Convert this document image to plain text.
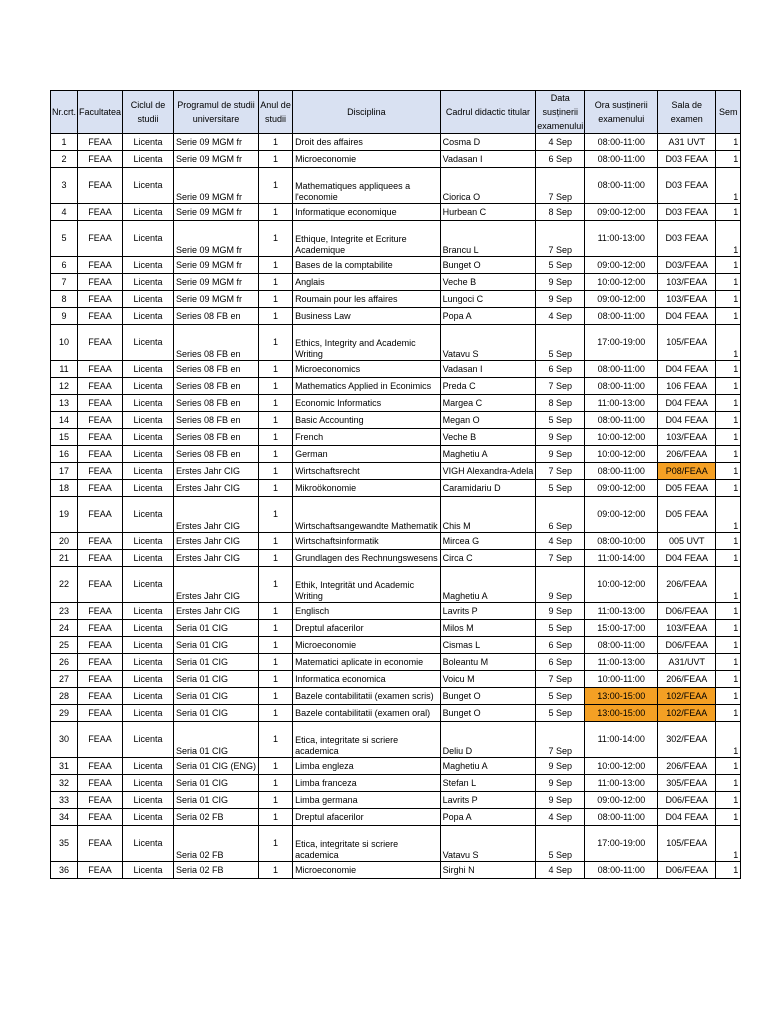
Nr.crt.	Facultatea	Ciclul de studii	Programul de studii universitare	Anul de studii	Disciplina	Cadrul didactic titular	Data susținerii examenului	Ora susținerii examenului	Sala de examen	Sem
1	FEAA	Licenta	Serie 09 MGM fr	1	Droit des affaires	Cosma D	4 Sep	08:00-11:00	A31 UVT	1
2	FEAA	Licenta	Serie 09 MGM fr	1	Microeconomie	Vadasan I	6 Sep	08:00-11:00	D03 FEAA	1
3	FEAA	Licenta	Serie 09 MGM fr	1	Mathematiques appliquees a l'economie	Ciorica O	7 Sep	08:00-11:00	D03 FEAA	1
4	FEAA	Licenta	Serie 09 MGM fr	1	Informatique economique	Hurbean C	8 Sep	09:00-12:00	D03 FEAA	1
5	FEAA	Licenta	Serie 09 MGM fr	1	Ethique, Integrite et Ecriture Academique	Brancu L	7 Sep	11:00-13:00	D03 FEAA	1
6	FEAA	Licenta	Serie 09 MGM fr	1	Bases de la comptabilite	Bunget O	5 Sep	09:00-12:00	D03/FEAA	1
7	FEAA	Licenta	Serie 09 MGM fr	1	Anglais	Veche B	9 Sep	10:00-12:00	103/FEAA	1
8	FEAA	Licenta	Serie 09 MGM fr	1	Roumain pour les affaires	Lungoci C	9 Sep	09:00-12:00	103/FEAA	1
9	FEAA	Licenta	Series 08 FB en	1	Business Law	Popa A	4 Sep	08:00-11:00	D04 FEAA	1
10	FEAA	Licenta	Series 08 FB en	1	Ethics, Integrity and Academic Writing	Vatavu S	5 Sep	17:00-19:00	105/FEAA	1
11	FEAA	Licenta	Series 08 FB en	1	Microeconomics	Vadasan I	6 Sep	08:00-11:00	D04 FEAA	1
12	FEAA	Licenta	Series 08 FB en	1	Mathematics Applied in Econimics	Preda C	7 Sep	08:00-11:00	106 FEAA	1
13	FEAA	Licenta	Series 08 FB en	1	Economic Informatics	Margea C	8 Sep	11:00-13:00	D04 FEAA	1
14	FEAA	Licenta	Series 08 FB en	1	Basic Accounting	Megan O	5 Sep	08:00-11:00	D04 FEAA	1
15	FEAA	Licenta	Series 08 FB en	1	French	Veche B	9 Sep	10:00-12:00	103/FEAA	1
16	FEAA	Licenta	Series 08 FB en	1	German	Maghetiu A	9 Sep	10:00-12:00	206/FEAA	1
17	FEAA	Licenta	Erstes Jahr CIG	1	Wirtschaftsrecht	VIGH Alexandra-Adela	7 Sep	08:00-11:00	P08/FEAA	1
18	FEAA	Licenta	Erstes Jahr CIG	1	Mikroökonomie	Caramidariu D	5 Sep	09:00-12:00	D05 FEAA	1
19	FEAA	Licenta	Erstes Jahr CIG	1	Wirtschaftsangewandte Mathematik	Chis M	6 Sep	09:00-12:00	D05 FEAA	1
20	FEAA	Licenta	Erstes Jahr CIG	1	Wirtschaftsinformatik	Mircea G	4 Sep	08:00-10:00	005 UVT	1
21	FEAA	Licenta	Erstes Jahr CIG	1	Grundlagen des Rechnungswesens	Circa C	7 Sep	11:00-14:00	D04 FEAA	1
22	FEAA	Licenta	Erstes Jahr CIG	1	Ethik, Integrität und Academic Writing	Maghetiu A	9 Sep	10:00-12:00	206/FEAA	1
23	FEAA	Licenta	Erstes Jahr CIG	1	Englisch	Lavrits P	9 Sep	11:00-13:00	D06/FEAA	1
24	FEAA	Licenta	Seria 01 CIG	1	Dreptul afacerilor	Milos M	5 Sep	15:00-17:00	103/FEAA	1
25	FEAA	Licenta	Seria 01 CIG	1	Microeconomie	Cismas L	6 Sep	08:00-11:00	D06/FEAA	1
26	FEAA	Licenta	Seria 01 CIG	1	Matematici aplicate in economie	Boleantu M	6 Sep	11:00-13:00	A31/UVT	1
27	FEAA	Licenta	Seria 01 CIG	1	Informatica economica	Voicu M	7 Sep	10:00-11:00	206/FEAA	1
28	FEAA	Licenta	Seria 01 CIG	1	Bazele contabilitatii (examen scris)	Bunget O	5 Sep	13:00-15:00	102/FEAA	1
29	FEAA	Licenta	Seria 01 CIG	1	Bazele contabilitatii (examen oral)	Bunget O	5 Sep	13:00-15:00	102/FEAA	1
30	FEAA	Licenta	Seria 01 CIG	1	Etica, integritate si scriere academica	Deliu D	7 Sep	11:00-14:00	302/FEAA	1
31	FEAA	Licenta	Seria 01 CIG (ENG)	1	Limba engleza	Maghetiu A	9 Sep	10:00-12:00	206/FEAA	1
32	FEAA	Licenta	Seria 01 CIG	1	Limba franceza	Stefan L	9 Sep	11:00-13:00	305/FEAA	1
33	FEAA	Licenta	Seria 01 CIG	1	Limba germana	Lavrits P	9 Sep	09:00-12:00	D06/FEAA	1
34	FEAA	Licenta	Seria 02 FB	1	Dreptul afacerilor	Popa A	4 Sep	08:00-11:00	D04 FEAA	1
35	FEAA	Licenta	Seria 02 FB	1	Etica, integritate si scriere academica	Vatavu S	5 Sep	17:00-19:00	105/FEAA	1
36	FEAA	Licenta	Seria 02 FB	1	Microeconomie	Sirghi N	4 Sep	08:00-11:00	D06/FEAA	1
